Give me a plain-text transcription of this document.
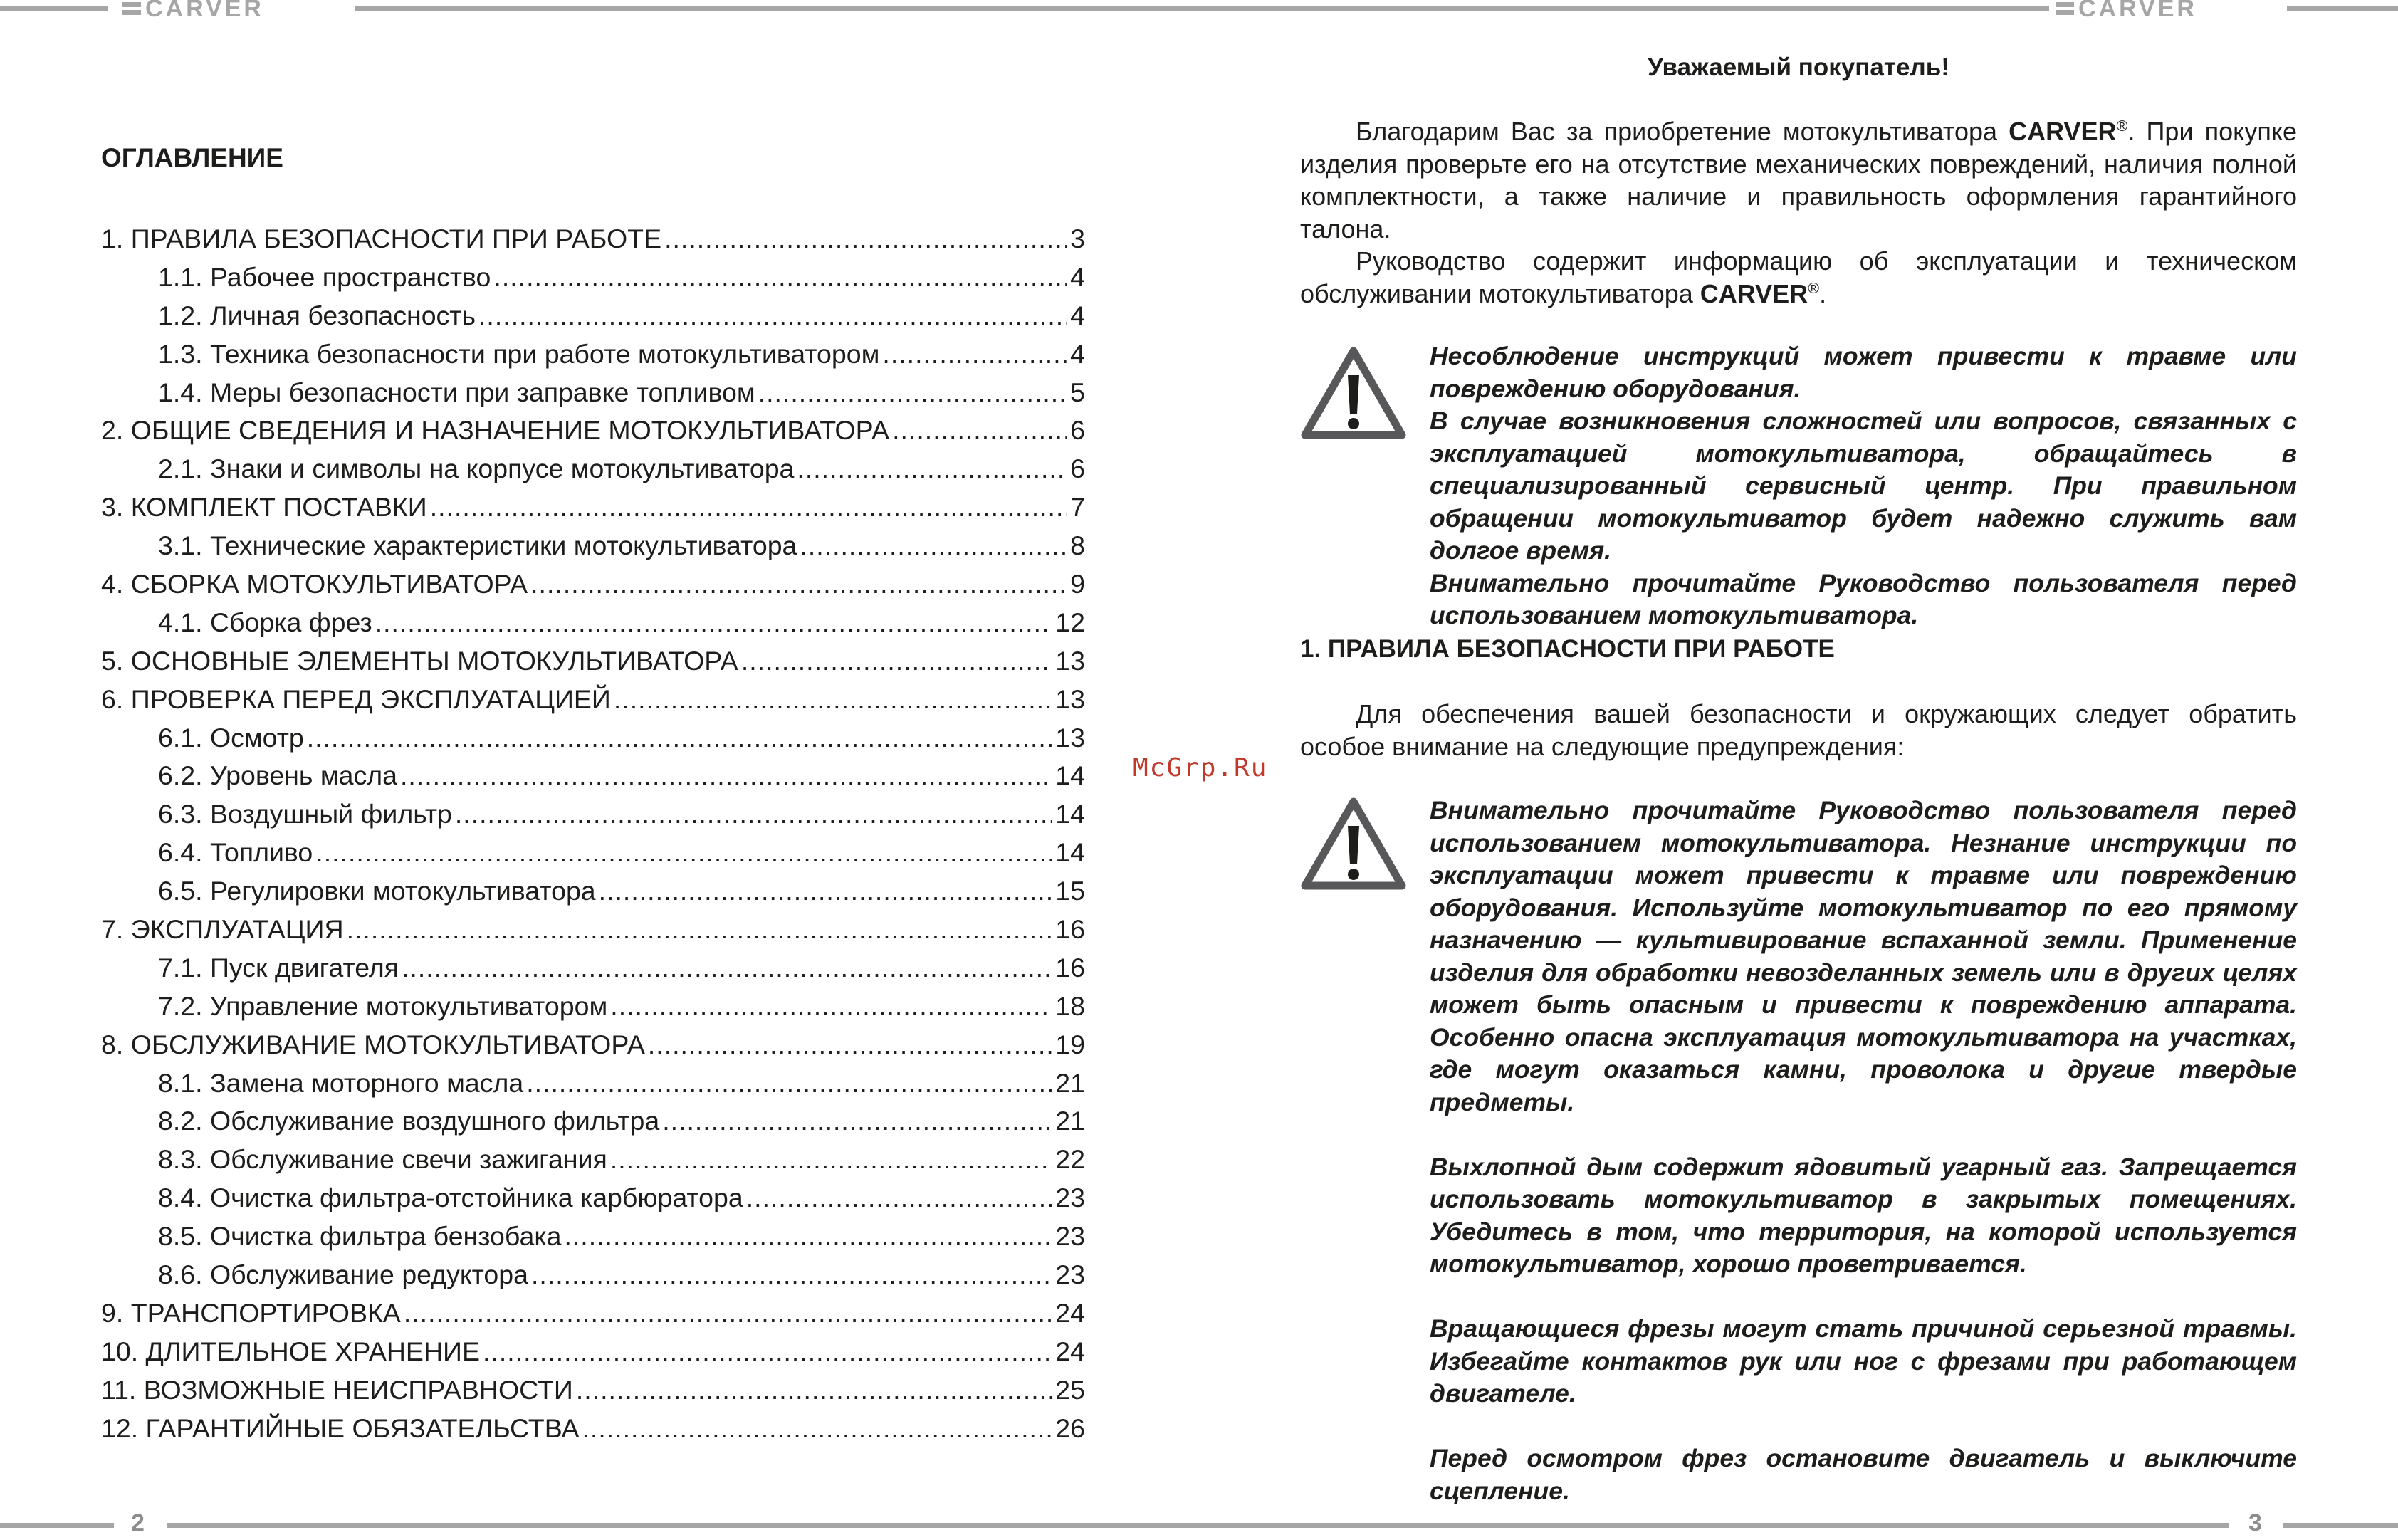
CARVER	CARVER
2	3
ОГЛАВЛЕНИЕ
1. ПРАВИЛА БЕЗОПАСНОСТИ ПРИ РАБОТЕ .....	3
1.1. Рабочее пространство .....	4
1.2. Личная безопасность .....	4
1.3. Техника безопасности при работе мотокультиватором .....	4
1.4. Меры безопасности при заправке топливом .....	5
2. ОБЩИЕ СВЕДЕНИЯ И НАЗНАЧЕНИЕ МОТОКУЛЬТИВАТОРА .....	6
2.1. Знаки и символы на корпусе мотокультиватора .....	6
3. КОМПЛЕКТ ПОСТАВКИ .....	7
3.1. Технические характеристики мотокультиватора .....	8
4. СБОРКА МОТОКУЛЬТИВАТОРА .....	9
4.1. Сборка фрез .....	12
5. ОСНОВНЫЕ ЭЛЕМЕНТЫ МОТОКУЛЬТИВАТОРА .....	13
6. ПРОВЕРКА ПЕРЕД ЭКСПЛУАТАЦИЕЙ .....	13
6.1. Осмотр .....	13
6.2. Уровень масла .....	14
6.3. Воздушный фильтр .....	14
6.4. Топливо .....	14
6.5. Регулировки мотокультиватора .....	15
7. ЭКСПЛУАТАЦИЯ .....	16
7.1. Пуск двигателя .....	16
7.2. Управление мотокультиватором .....	18
8. ОБСЛУЖИВАНИЕ МОТОКУЛЬТИВАТОРА .....	19
8.1. Замена моторного масла .....	21
8.2. Обслуживание воздушного фильтра .....	21
8.3. Обслуживание свечи зажигания .....	22
8.4. Очистка фильтра-отстойника карбюратора .....	23
8.5. Очистка фильтра бензобака .....	23
8.6. Обслуживание редуктора .....	23
9. ТРАНСПОРТИРОВКА .....	24
10. ДЛИТЕЛЬНОЕ ХРАНЕНИЕ .....	24
11. ВОЗМОЖНЫЕ НЕИСПРАВНОСТИ .....	25
12. ГАРАНТИЙНЫЕ ОБЯЗАТЕЛЬСТВА .....	26
McGrp.Ru
Уважаемый покупатель!
Благодарим Вас за приобретение мотокультиватора CARVER®. При покупке изделия проверьте его на отсутствие механических повреждений, наличия полной комплектности, а также наличие и правильность оформления гарантийного талона.
Руководство содержит информацию об эксплуатации и техническом обслуживании мотокультиватора CARVER®.

Несоблюдение инструкций может привести к травме или повреждению оборудования.
В случае возникновения сложностей или вопросов, связанных с эксплуатацией мотокультиватора, обращайтесь в специализированный сервисный центр. При правильном обращении мотокультиватор будет надежно служить вам долгое время.
Внимательно прочитайте Руководство пользователя перед использованием мотокультиватора.

1. ПРАВИЛА БЕЗОПАСНОСТИ ПРИ РАБОТЕ
Для обеспечения вашей безопасности и окружающих следует обратить особое внимание на следующие предупреждения:

Внимательно прочитайте Руководство пользователя перед использованием мотокультиватора. Незнание инструкции по эксплуатации может привести к травме или повреждению оборудования. Используйте мотокультиватор по его прямому назначению — культивирование вспаханной земли. Применение изделия для обработки невозделанных земель или в других целях может быть опасным и привести к повреждению аппарата. Особенно опасна эксплуатация мотокультиватора на участках, где могут оказаться камни, проволока и другие твердые предметы.

Выхлопной дым содержит ядовитый угарный газ. Запрещается использовать мотокультиватор в закрытых помещениях. Убедитесь в том, что территория, на которой используется мотокультиватор, хорошо проветривается.

Вращающиеся фрезы могут стать причиной серьезной травмы. Избегайте контактов рук или ног с фрезами при работающем двигателе.

Перед осмотром фрез остановите двигатель и выключите сцепление.
